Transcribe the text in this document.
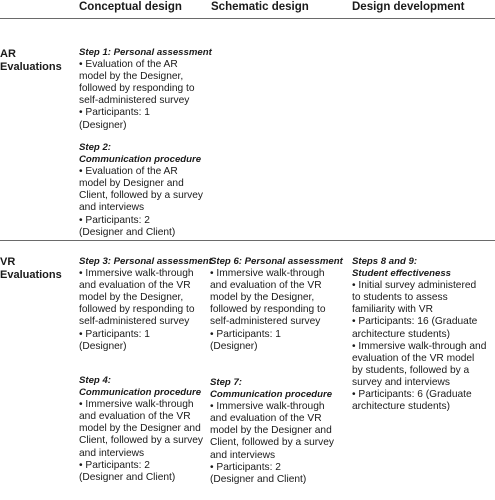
Conceptual design	Schematic design	Design development
AR
Evaluations
Step 1: Personal assessment
• Evaluation of the AR
model by the Designer,
followed by responding to
self-administered survey
• Participants: 1
(Designer)
Step 2:
Communication procedure
• Evaluation of the AR
model by Designer and
Client, followed by a survey
and interviews
• Participants: 2
(Designer and Client)
VR
Evaluations
Step 3: Personal assessment
• Immersive walk-through
and evaluation of the VR
model by the Designer,
followed by responding to
self-administered survey
• Participants: 1
(Designer)
Step 4:
Communication procedure
• Immersive walk-through
and evaluation of the VR
model by the Designer and
Client, followed by a survey
and interviews
• Participants: 2
(Designer and Client)
Step 6: Personal assessment
• Immersive walk-through
and evaluation of the VR
model by the Designer,
followed by responding to
self-administered survey
• Participants: 1
(Designer)
Step 7:
Communication procedure
• Immersive walk-through
and evaluation of the VR
model by the Designer and
Client, followed by a survey
and interviews
• Participants: 2
(Designer and Client)
Steps 8 and 9:
Student effectiveness
• Initial survey administered
to students to assess
familiarity with VR
• Participants: 16 (Graduate
architecture students)
• Immersive walk-through and
evaluation of the VR model
by students, followed by a
survey and interviews
• Participants: 6 (Graduate
architecture students)
